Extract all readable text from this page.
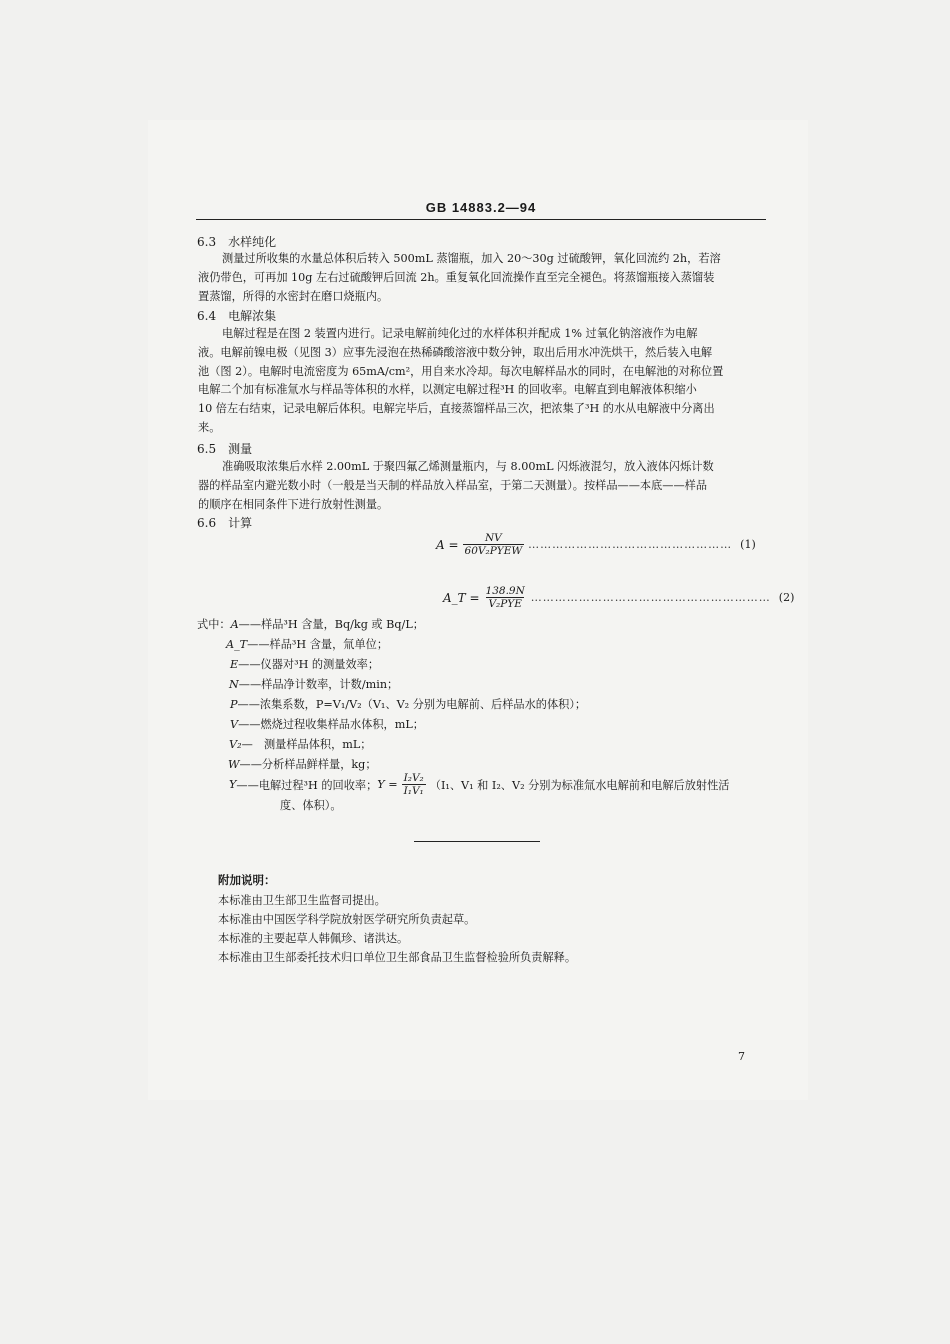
GB 14883.2—94
6.3　水样纯化
测量过所收集的水量总体积后转入 500mL 蒸馏瓶，加入 20～30g 过硫酸钾，氧化回流约 2h，若溶
液仍带色，可再加 10g 左右过硫酸钾后回流 2h。重复氧化回流操作直至完全褪色。将蒸馏瓶接入蒸馏装
置蒸馏，所得的水密封在磨口烧瓶内。
6.4　电解浓集
电解过程是在图 2 装置内进行。记录电解前纯化过的水样体积并配成 1% 过氧化钠溶液作为电解
液。电解前镍电极（见图 3）应事先浸泡在热稀磷酸溶液中数分钟，取出后用水冲洗烘干，然后装入电解
池（图 2）。电解时电流密度为 65mA/cm²，用自来水冷却。每次电解样品水的同时，在电解池的对称位置
电解二个加有标准氚水与样品等体积的水样，以测定电解过程³H 的回收率。电解直到电解液体积缩小
10 倍左右结束，记录电解后体积。电解完毕后，直接蒸馏样品三次，把浓集了³H 的水从电解液中分离出
来。
6.5　测量
准确吸取浓集后水样 2.00mL 于聚四氟乙烯测量瓶内，与 8.00mL 闪烁液混匀，放入液体闪烁计数
器的样品室内避光数小时（一般是当天制的样品放入样品室，于第二天测量）。按样品——本底——样品
的顺序在相同条件下进行放射性测量。
6.6　计算
$A = \frac{NV}{\text{60V₂PYEW}}$ …………………………………………… (1)
A_T = $\frac{138.9N}{\text{V₂PYE}}$ …………………………………………………… (2)
式中：A——样品³H 含量，Bq/kg 或 Bq/L；
A_T——样品³H 含量，氚单位；
E——仪器对³H 的测量效率；
N——样品净计数率，计数/min；
P——浓集系数，P=V₁/V₂（V₁、V₂ 分别为电解前、后样品水的体积）；
V——燃烧过程收集样品水体积，mL；
V₂—　测量样品体积，mL；
W——分析样品鲜样量，kg；
Y ——电解过程³H 的回收率； $Y = \frac{\text{I₂V₂}}{\text{I₁V₁}} (I_1$、V₁ 和 I₂、V₂ 分别为标准氚水电解前和电解后放射性活
度、体积）。
附加说明：
本标准由卫生部卫生监督司提出。
本标准由中国医学科学院放射医学研究所负责起草。
本标准的主要起草人韩佩珍、诸洪达。
本标准由卫生部委托技术归口单位卫生部食品卫生监督检验所负责解释。
7
